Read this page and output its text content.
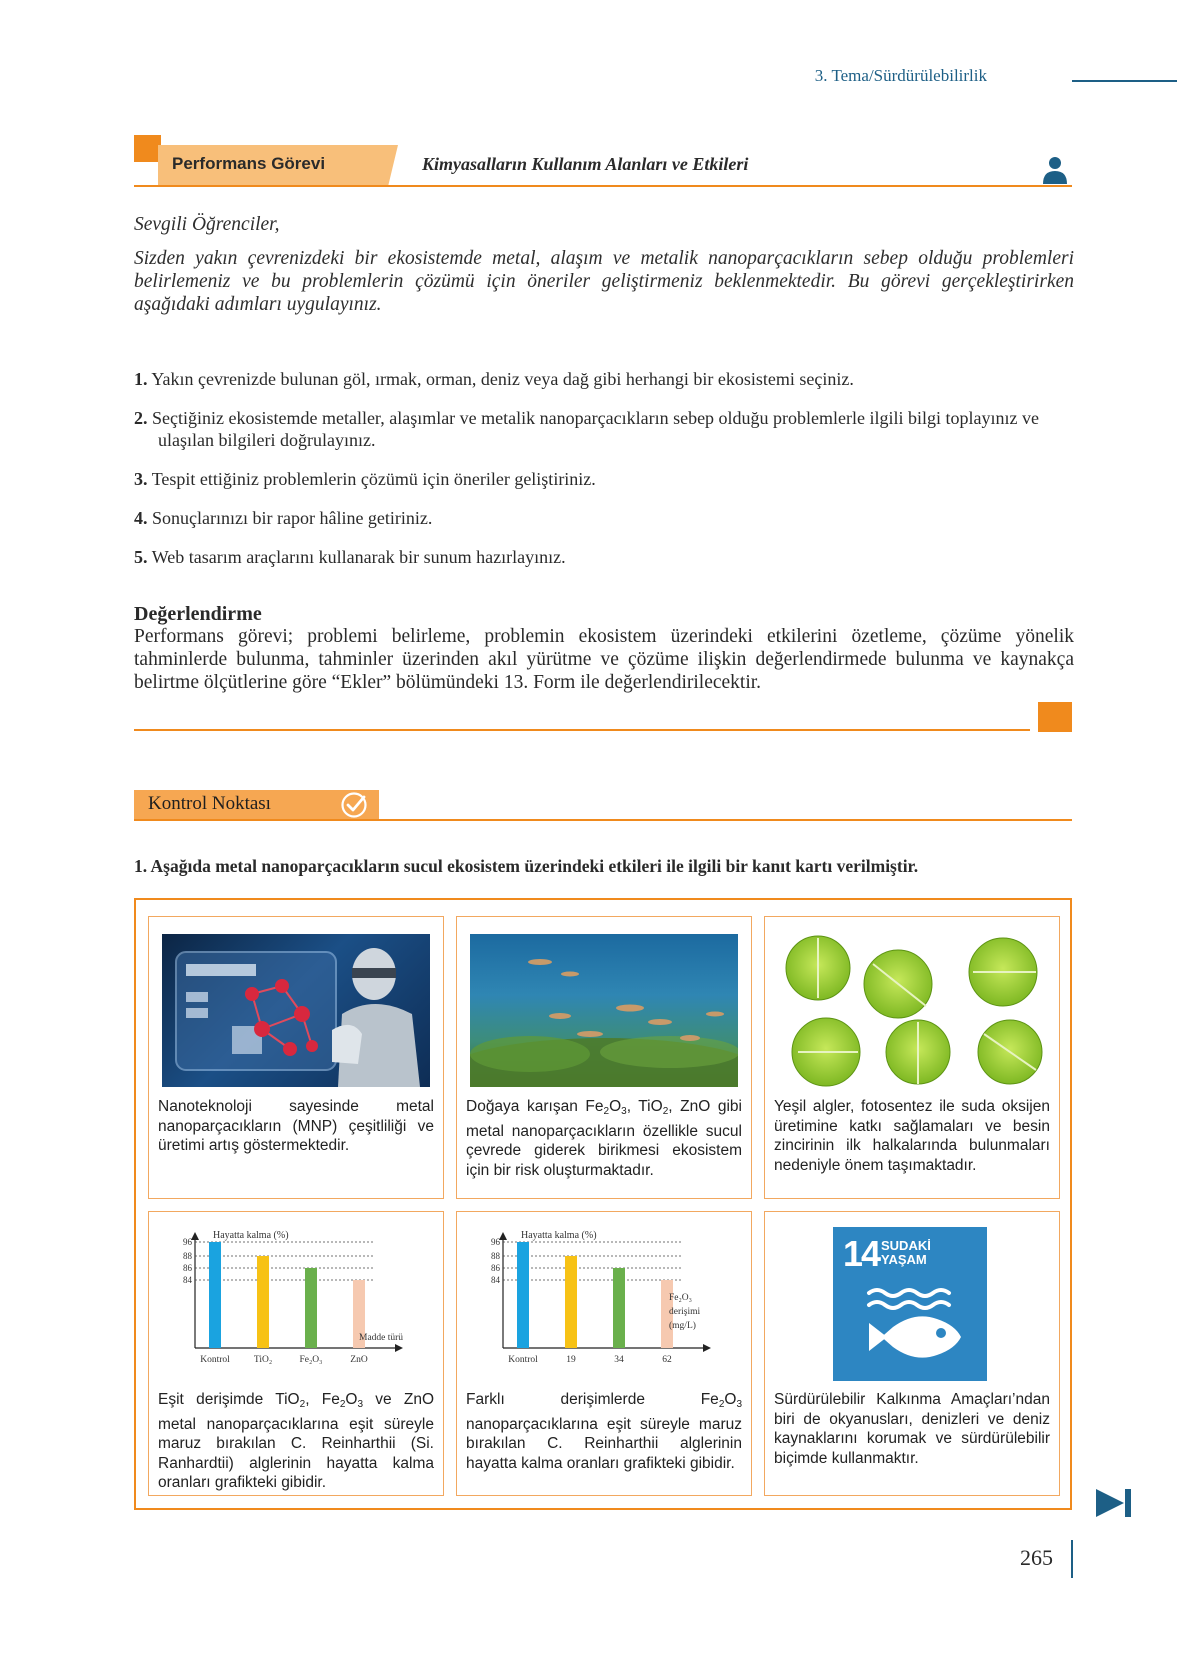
3. Tema/Sürdürülebilirlik
Performans Görevi	Kimyasalların Kullanım Alanları ve Etkileri
Sevgili Öğrenciler,
Sizden yakın çevrenizdeki bir ekosistemde metal, alaşım ve metalik nanoparçacıkların sebep olduğu problemleri belirlemeniz ve bu problemlerin çözümü için öneriler geliştirmeniz beklenmektedir. Bu görevi gerçekleştirirken aşağıdaki adımları uygulayınız.
1. Yakın çevrenizde bulunan göl, ırmak, orman, deniz veya dağ gibi herhangi bir ekosistemi seçiniz.
2. Seçtiğiniz ekosistemde metaller, alaşımlar ve metalik nanoparçacıkların sebep olduğu problemlerle ilgili bilgi toplayınız ve ulaşılan bilgileri doğrulayınız.
3. Tespit ettiğiniz problemlerin çözümü için öneriler geliştiriniz.
4. Sonuçlarınızı bir rapor hâline getiriniz.
5. Web tasarım araçlarını kullanarak bir sunum hazırlayınız.
Değerlendirme
Performans görevi; problemi belirleme, problemin ekosistem üzerindeki etkilerini özetleme, çözüme yönelik tahminlerde bulunma, tahminler üzerinden akıl yürütme ve çözüme ilişkin değerlendirmede bulunma ve kaynakça belirtme ölçütlerine göre “Ekler” bölümündeki 13. Form ile değerlendirilecektir.
Kontrol Noktası
1. Aşağıda metal nanoparçacıkların sucul ekosistem üzerindeki etkileri ile ilgili bir kanıt kartı verilmiştir.
Nanoteknoloji sayesinde metal nanoparçacıkların (MNP) çeşitliliği ve üretimi artış göstermektedir.
Doğaya karışan $Fe_2O_3$, TiO$_2$, ZnO gibi metal nanoparçacıkların özellikle sucul çevrede giderek birikmesi ekosistem için bir risk oluşturmaktadır.
Yeşil algler, fotosentez ile suda oksijen üretimine katkı sağlamaları ve besin zincirinin ilk halkalarında bulunmaları nedeniyle önem taşımaktadır.
Hayatta kalma (%)
96
88
86
84
Kontrol	TiO₂	Fe₂O₃	ZnO
Madde türü
Eşit derişimde TiO$_2$, $Fe_2O_3$ ve ZnO metal nanoparçacıklarına eşit süreyle maruz bırakılan C. Reinharthii (Si. Ranhardtii) alglerinin hayatta kalma oranları grafikteki gibidir.
Hayatta kalma (%)
96
88
86
84
Kontrol	19	34	62
Fe₂O₃
derişimi
(mg/L)
Farklı derişimlerde $Fe_2O_3$ nanoparçacıklarına eşit süreyle maruz bırakılan C. Reinharthii alglerinin hayatta kalma oranları grafikteki gibidir.
14 SUDAKİ
YAŞAM
Sürdürülebilir Kalkınma Amaçları’ndan biri de okyanusları, denizleri ve deniz kaynaklarını korumak ve sürdürülebilir biçimde kullanmaktır.
265
